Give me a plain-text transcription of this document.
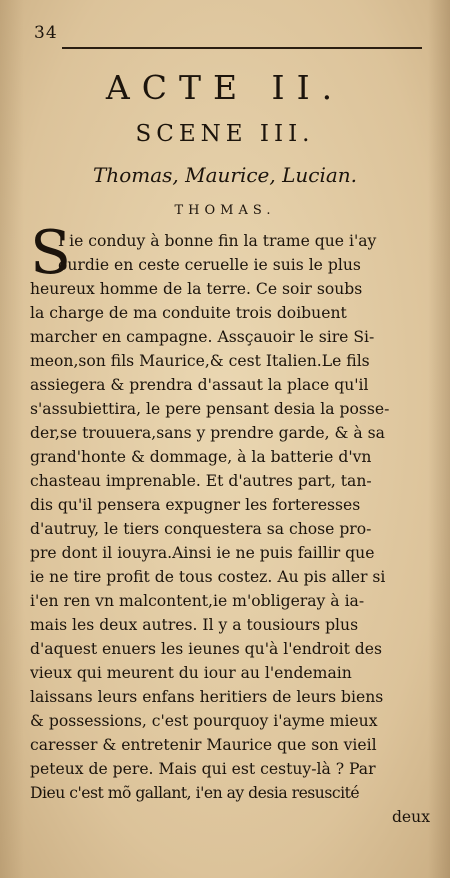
34
ACTE II.
SCENE III.
Thomas, Maurice, Lucian.
THOMAS.
S
I ie conduy à bonne fin la trame que i'ay
ourdie en ceste ceruelle ie suis le plus
heureux homme de la terre. Ce soir soubs
la charge de ma conduite trois doibuent
marcher en campagne. Assçauoir le sire Si-
meon,son fils Maurice,& cest Italien.Le fils
assiegera & prendra d'assaut la place qu'il
s'assubiettira, le pere pensant desia la posse-
der,se trouuera,sans y prendre garde, & à sa
grand'honte & dommage, à la batterie d'vn
chasteau imprenable. Et d'autres part, tan-
dis qu'il pensera expugner les forteresses
d'autruy, le tiers conquestera sa chose pro-
pre dont il iouyra.Ainsi ie ne puis faillir que
ie ne tire profit de tous costez. Au pis aller si
i'en ren vn malcontent,ie m'obligeray à ia-
mais les deux autres. Il y a tousiours plus
d'aquest enuers les ieunes qu'à l'endroit des
vieux qui meurent du iour au l'endemain
laissans leurs enfans heritiers de leurs biens
& possessions, c'est pourquoy i'ayme mieux
caresser & entretenir Maurice que son vieil
peteux de pere. Mais qui est cestuy-là ? Par
Dieu c'est mõ gallant, i'en ay desia resuscité
deux
